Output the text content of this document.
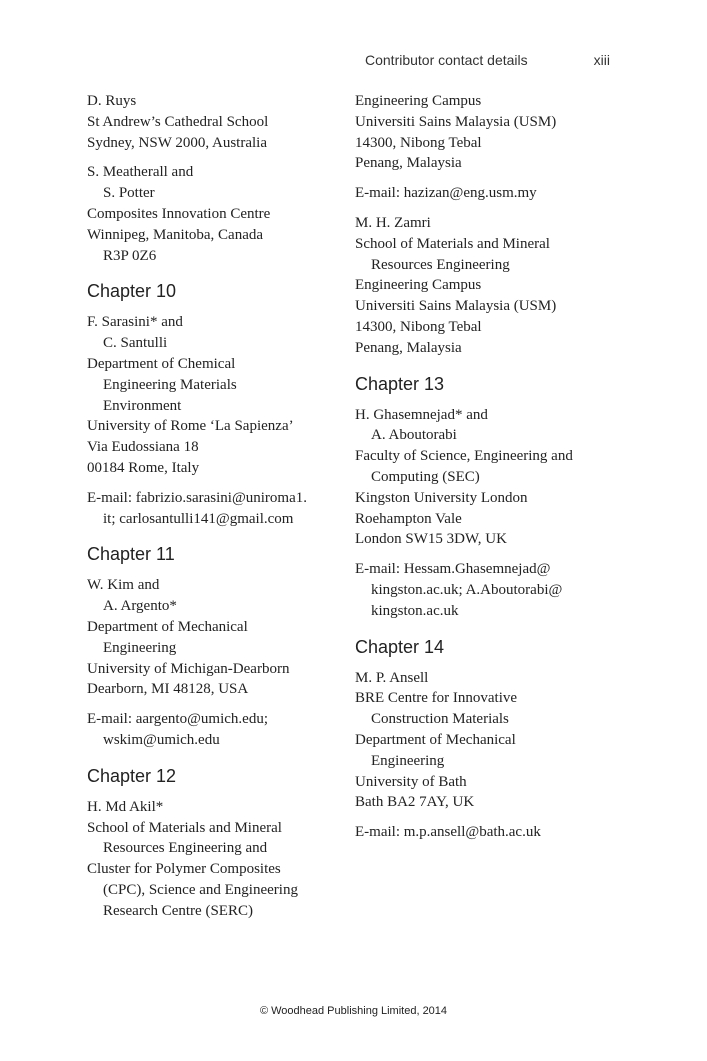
Contributor contact details	xiii
D. Ruys
St Andrew’s Cathedral School
Sydney, NSW 2000, Australia
S. Meatherall and
S. Potter
Composites Innovation Centre
Winnipeg, Manitoba, Canada
R3P 0Z6
Chapter 10
F. Sarasini* and
C. Santulli
Department of Chemical
Engineering Materials
Environment
University of Rome ‘La Sapienza’
Via Eudossiana 18
00184 Rome, Italy
E-mail: fabrizio.sarasini@uniroma1.
it; carlosantulli141@gmail.com
Chapter 11
W. Kim and
A. Argento*
Department of Mechanical
Engineering
University of Michigan-Dearborn
Dearborn, MI 48128, USA
E-mail: aargento@umich.edu;
wskim@umich.edu
Chapter 12
H. Md Akil*
School of Materials and Mineral
Resources Engineering and
Cluster for Polymer Composites
(CPC), Science and Engineering
Research Centre (SERC)
Engineering Campus
Universiti Sains Malaysia (USM)
14300, Nibong Tebal
Penang, Malaysia
E-mail: hazizan@eng.usm.my
M. H. Zamri
School of Materials and Mineral
Resources Engineering
Engineering Campus
Universiti Sains Malaysia (USM)
14300, Nibong Tebal
Penang, Malaysia
Chapter 13
H. Ghasemnejad* and
A. Aboutorabi
Faculty of Science, Engineering and
Computing (SEC)
Kingston University London
Roehampton Vale
London SW15 3DW, UK
E-mail: Hessam.Ghasemnejad@
kingston.ac.uk; A.Aboutorabi@
kingston.ac.uk
Chapter 14
M. P. Ansell
BRE Centre for Innovative
Construction Materials
Department of Mechanical
Engineering
University of Bath
Bath BA2 7AY, UK
E-mail: m.p.ansell@bath.ac.uk
© Woodhead Publishing Limited, 2014
